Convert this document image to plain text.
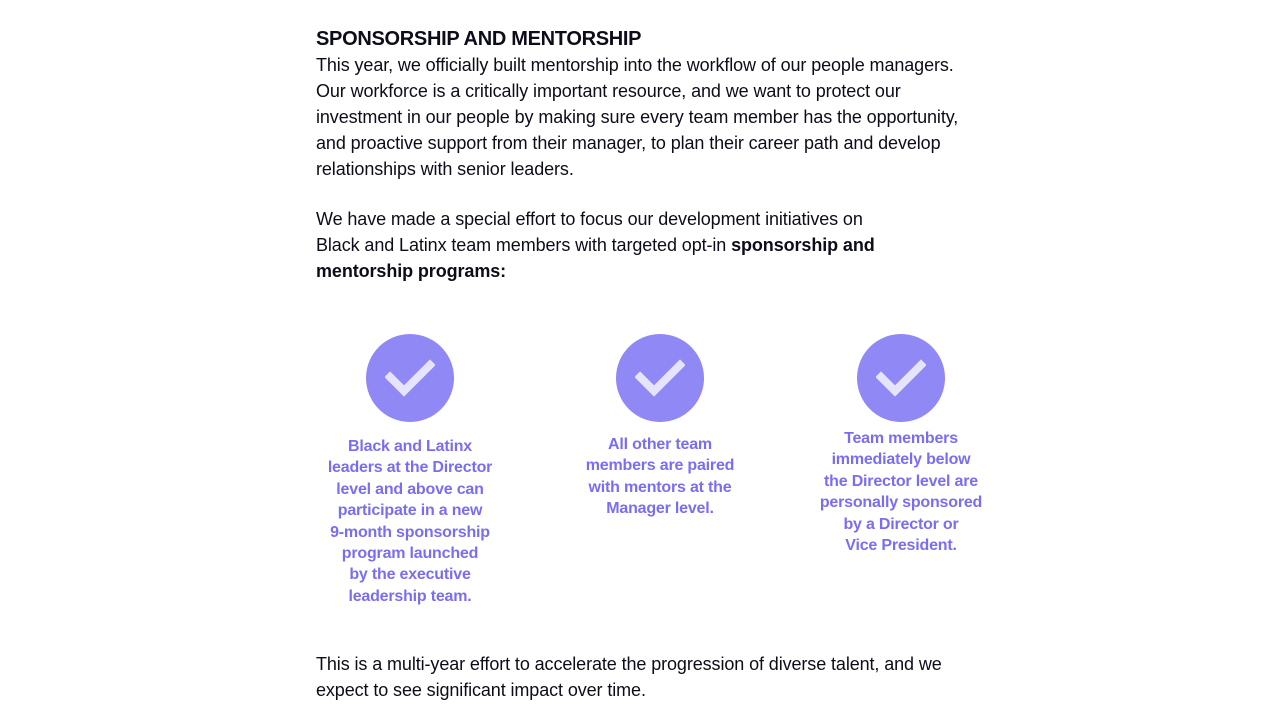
SPONSORSHIP AND MENTORSHIP
This year, we officially built mentorship into the workflow of our people managers.
Our workforce is a critically important resource, and we want to protect our
investment in our people by making sure every team member has the opportunity,
and proactive support from their manager, to plan their career path and develop
relationships with senior leaders.
We have made a special effort to focus our development initiatives on
Black and Latinx team members with targeted opt-in sponsorship and
mentorship programs:
Black and Latinx
leaders at the Director
level and above can
participate in a new
9-month sponsorship
program launched
by the executive
leadership team.
All other team
members are paired
with mentors at the
Manager level.
Team members
immediately below
the Director level are
personally sponsored
by a Director or
Vice President.
This is a multi-year effort to accelerate the progression of diverse talent, and we
expect to see significant impact over time.
